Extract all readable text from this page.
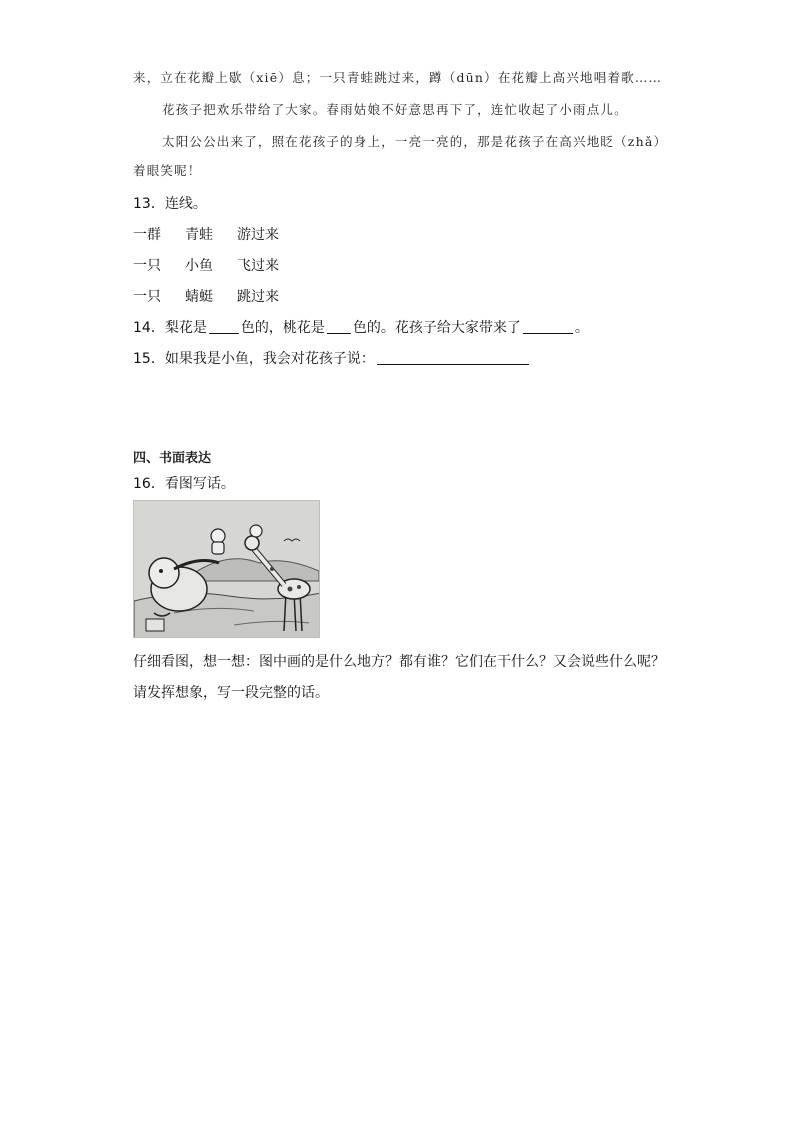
来，立在花瓣上歇（xiē）息；一只青蛙跳过来，蹲（dūn）在花瓣上高兴地唱着歌……
花孩子把欢乐带给了大家。春雨姑娘不好意思再下了，连忙收起了小雨点儿。
太阳公公出来了，照在花孩子的身上，一亮一亮的，那是花孩子在高兴地眨（zhǎ）
着眼笑呢！
13．连线。
一群 青蛙 游过来
一只 小鱼 飞过来
一只 蜻蜓 跳过来
14．梨花是 色的，桃花是 色的。花孩子给大家带来了	。
15．如果我是小鱼，我会对花孩子说：
四、书面表达
16．看图写话。
仔细看图，想一想：图中画的是什么地方？都有谁？它们在干什么？又会说些什么呢？
请发挥想象，写一段完整的话。
